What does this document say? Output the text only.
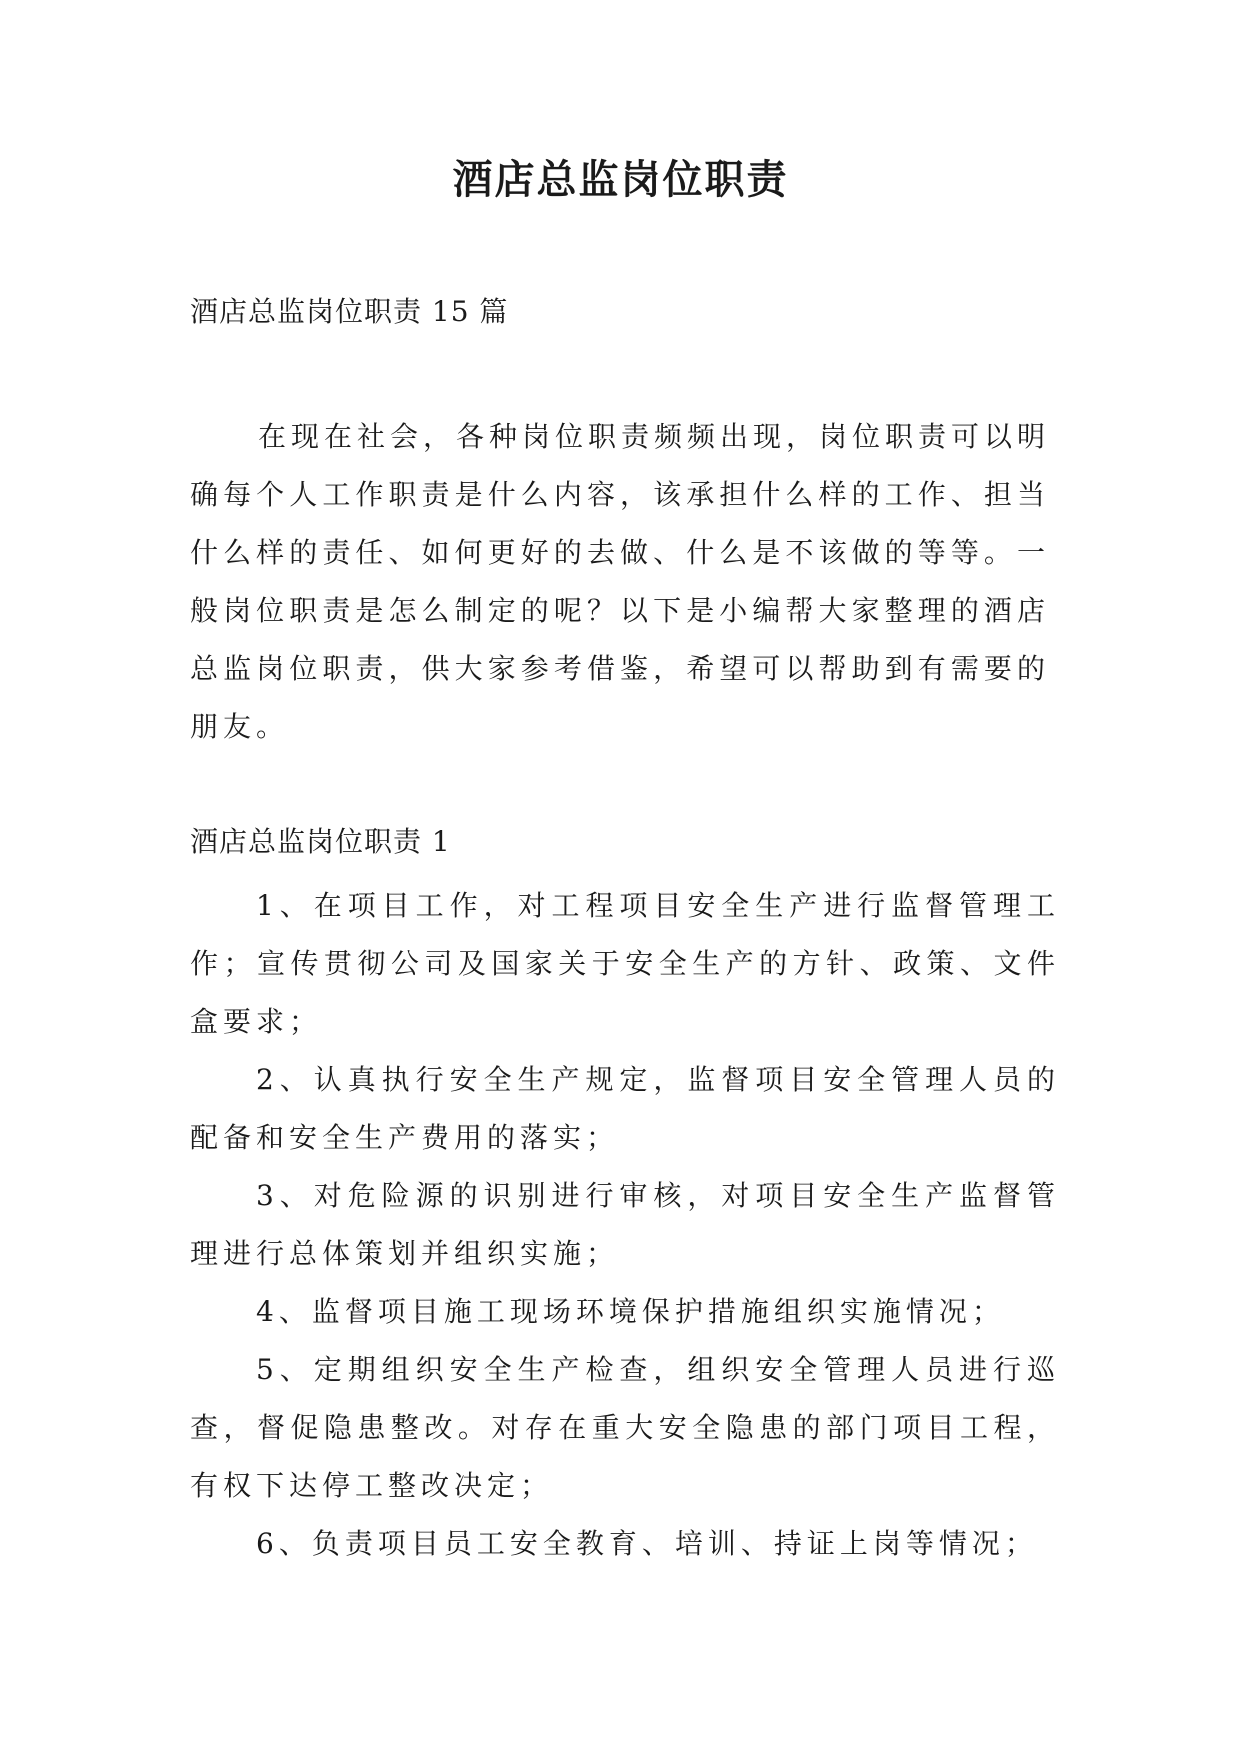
酒店总监岗位职责
酒店总监岗位职责 15 篇

在现在社会，各种岗位职责频频出现，岗位职责可以明确每个人工作职责是什么内容，该承担什么样的工作、担当什么样的责任、如何更好的去做、什么是不该做的等等。一般岗位职责是怎么制定的呢？以下是小编帮大家整理的酒店总监岗位职责，供大家参考借鉴，希望可以帮助到有需要的朋友。

酒店总监岗位职责 1

1、在项目工作，对工程项目安全生产进行监督管理工作；宣传贯彻公司及国家关于安全生产的方针、政策、文件盒要求；

2、认真执行安全生产规定，监督项目安全管理人员的配备和安全生产费用的落实；

3、对危险源的识别进行审核，对项目安全生产监督管理进行总体策划并组织实施；

4、监督项目施工现场环境保护措施组织实施情况；

5、定期组织安全生产检查，组织安全管理人员进行巡查，督促隐患整改。对存在重大安全隐患的部门项目工程，有权下达停工整改决定；

6、负责项目员工安全教育、培训、持证上岗等情况；
